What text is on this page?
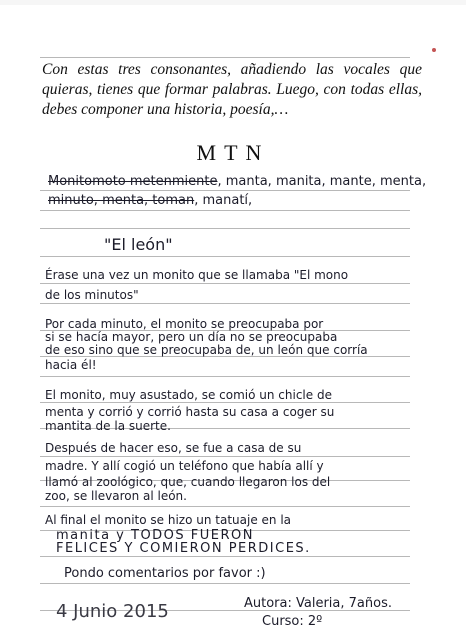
Con estas tres consonantes, añadiendo las vocales que quieras, tienes que formar palabras. Luego, con todas ellas, debes componer una historia, poesía,…
MTN
Monitomoto metenmiente, manta, manita, mante, menta,
minuto, menta, toman, manatí,
"El león"
Érase una vez un monito que se llamaba "El mono
de los minutos"
Por cada minuto, el monito se preocupaba por
si se hacía mayor, pero un día no se preocupaba
de eso sino que se preocupaba de, un león que corría
hacia él!
El monito, muy asustado, se comió un chicle de
menta y corrió y corrió hasta su casa a coger su
mantita de la suerte.
Después de hacer eso, se fue a casa de su
madre. Y allí cogió un teléfono que había allí y
llamó al zoológico, que, cuando llegaron los del
zoo, se llevaron al león.
Al final el monito se hizo un tatuaje en la
manita y TODOS FUERON
FELICES Y COMIERON PERDICES.
Pondo comentarios por favor :)
4 Junio 2015	Autora: Valeria, 7años.
Curso: 2º
